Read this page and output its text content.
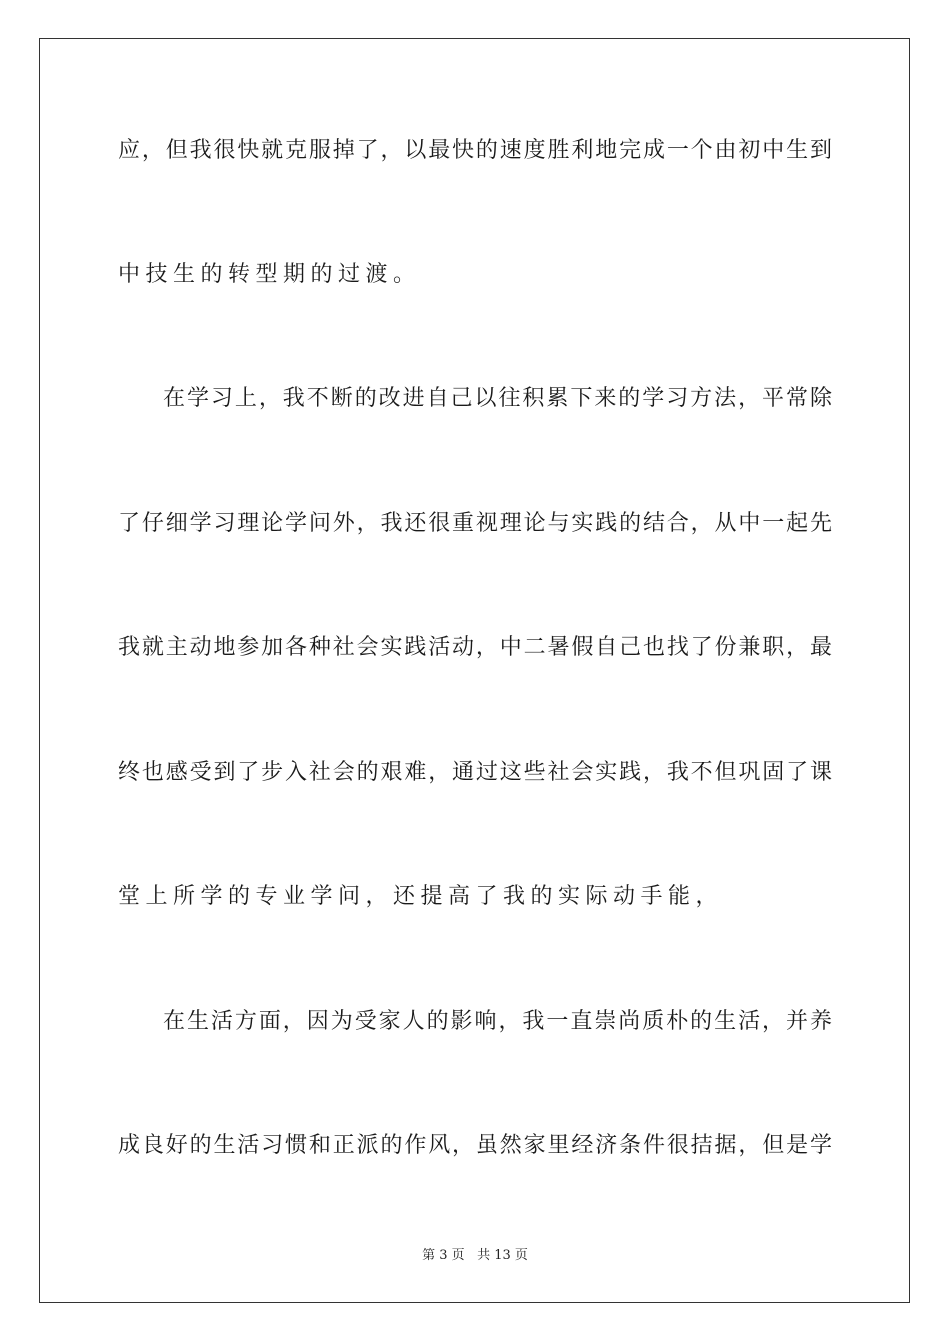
应，但我很快就克服掉了，以最快的速度胜利地完成一个由初中生到
中技生的转型期的过渡。
在学习上，我不断的改进自己以往积累下来的学习方法，平常除
了仔细学习理论学问外，我还很重视理论与实践的结合，从中一起先
我就主动地参加各种社会实践活动，中二暑假自己也找了份兼职，最
终也感受到了步入社会的艰难，通过这些社会实践，我不但巩固了课
堂上所学的专业学问，还提高了我的实际动手能，
在生活方面，因为受家人的影响，我一直崇尚质朴的生活，并养
成良好的生活习惯和正派的作风，虽然家里经济条件很拮据，但是学
第 3 页 共 13 页
